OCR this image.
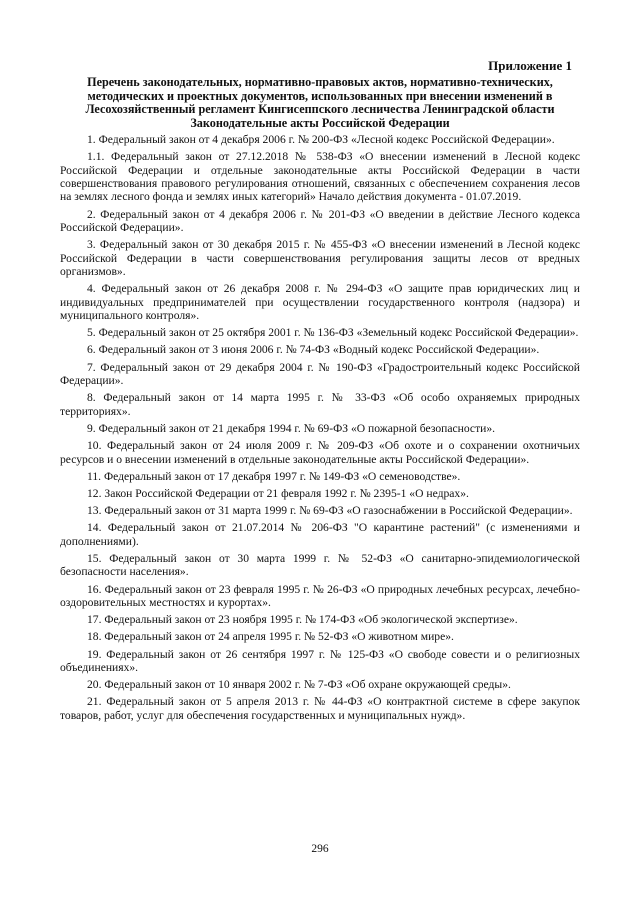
Приложение 1
Перечень законодательных, нормативно-правовых актов, нормативно-технических, методических и проектных документов, использованных при внесении изменений в Лесохозяйственный регламент Кингисеппского лесничества Ленинградской области
Законодательные акты Российской Федерации

1. Федеральный закон от 4 декабря 2006 г. № 200-ФЗ «Лесной кодекс Российской Федерации».

1.1. Федеральный закон от 27.12.2018 № 538-ФЗ «О внесении изменений в Лесной кодекс Российской Федерации и отдельные законодательные акты Российской Федерации в части совершенствования правового регулирования отношений, связанных с обеспечением сохранения лесов на землях лесного фонда и землях иных категорий» Начало действия документа - 01.07.2019.

2. Федеральный закон от 4 декабря 2006 г. № 201-ФЗ «О введении в действие Лесного кодекса Российской Федерации».

3. Федеральный закон от 30 декабря 2015 г. № 455-ФЗ «О внесении изменений в Лесной кодекс Российской Федерации в части совершенствования регулирования защиты лесов от вредных организмов».

4. Федеральный закон от 26 декабря 2008 г. № 294-ФЗ «О защите прав юридических лиц и индивидуальных предпринимателей при осуществлении государственного контроля (надзора) и муниципального контроля».

5. Федеральный закон от 25 октября 2001 г. № 136-ФЗ «Земельный кодекс Российской Федерации».

6. Федеральный закон от 3 июня 2006 г. № 74-ФЗ «Водный кодекс Российской Федерации».

7. Федеральный закон от 29 декабря 2004 г. № 190-ФЗ «Градостроительный кодекс Российской Федерации».

8. Федеральный закон от 14 марта 1995 г. № 33-ФЗ «Об особо охраняемых природных территориях».

9. Федеральный закон от 21 декабря 1994 г. № 69-ФЗ «О пожарной безопасности».

10. Федеральный закон от 24 июля 2009 г. № 209-ФЗ «Об охоте и о сохранении охотничьих ресурсов и о внесении изменений в отдельные законодательные акты Российской Федерации».

11. Федеральный закон от 17 декабря 1997 г. № 149-ФЗ «О семеноводстве».

12. Закон Российской Федерации от 21 февраля 1992 г. № 2395-1 «О недрах».

13. Федеральный закон от 31 марта 1999 г. № 69-ФЗ «О газоснабжении в Российской Федерации».

14. Федеральный закон от 21.07.2014 № 206-ФЗ "О карантине растений" (с изменениями и дополнениями).

15. Федеральный закон от 30 марта 1999 г. № 52-ФЗ «О санитарно-эпидемиологической безопасности населения».

16. Федеральный закон от 23 февраля 1995 г. № 26-ФЗ «О природных лечебных ресурсах, лечебно-оздоровительных местностях и курортах».

17. Федеральный закон от 23 ноября 1995 г. № 174-ФЗ «Об экологической экспертизе».

18. Федеральный закон от 24 апреля 1995 г. № 52-ФЗ «О животном мире».

19. Федеральный закон от 26 сентября 1997 г. № 125-ФЗ «О свободе совести и о религиозных объединениях».

20. Федеральный закон от 10 января 2002 г. № 7-ФЗ «Об охране окружающей среды».

21. Федеральный закон от 5 апреля 2013 г. № 44-ФЗ «О контрактной системе в сфере закупок товаров, работ, услуг для обеспечения государственных и муниципальных нужд».

296
